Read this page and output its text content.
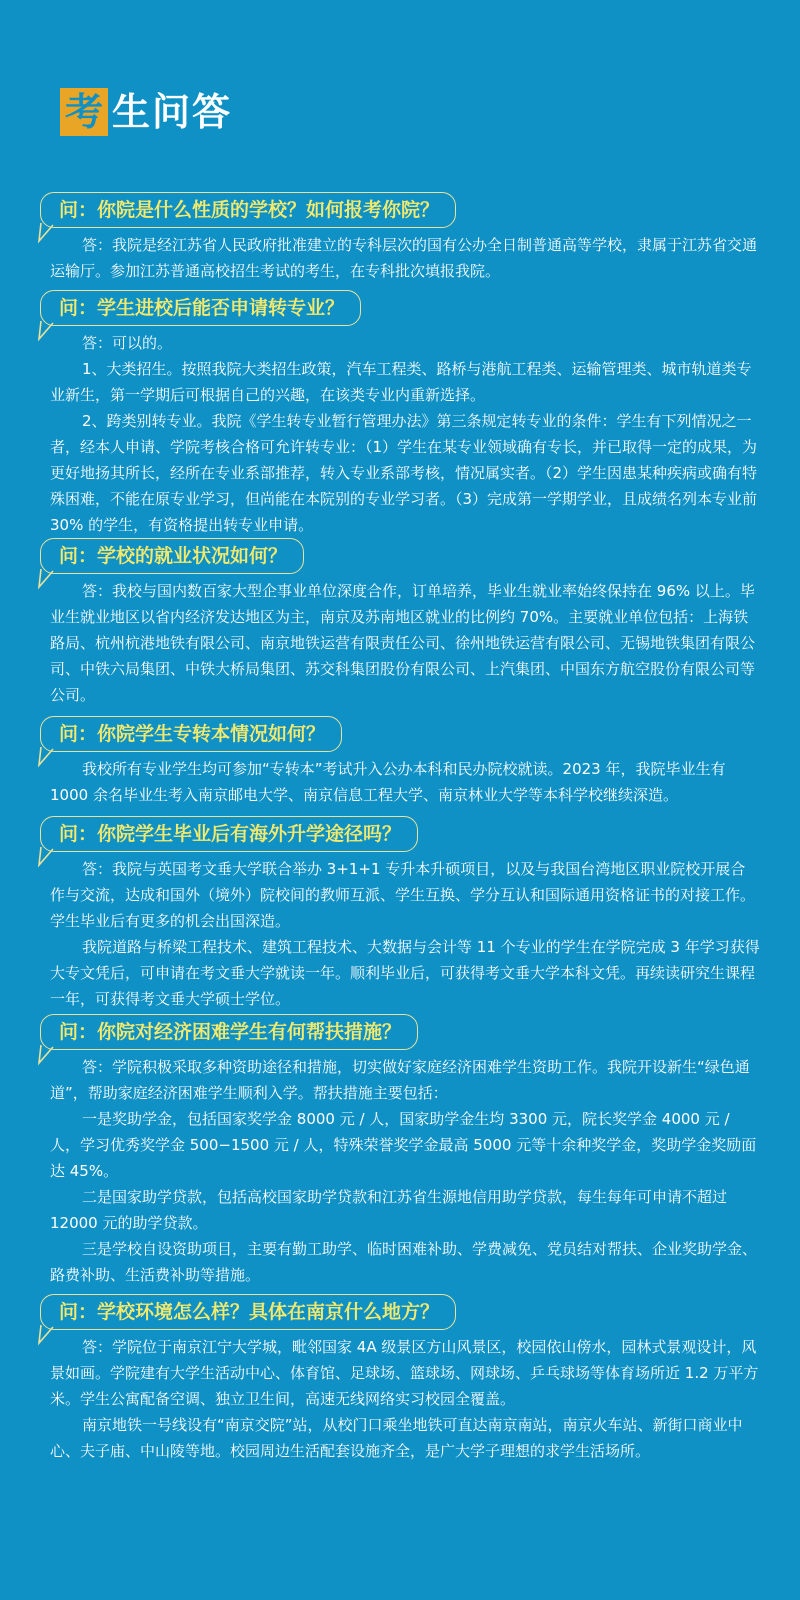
考 生问答
问：你院是什么性质的学校？如何报考你院？

答：我院是经江苏省人民政府批准建立的专科层次的国有公办全日制普通高等学校，隶属于江苏省交通运输厅。参加江苏普通高校招生考试的考生，在专科批次填报我院。

问：学生进校后能否申请转专业？

答：可以的。

1、大类招生。按照我院大类招生政策，汽车工程类、路桥与港航工程类、运输管理类、城市轨道类专业新生，第一学期后可根据自己的兴趣，在该类专业内重新选择。

2、跨类别转专业。我院《学生转专业暂行管理办法》第三条规定转专业的条件：学生有下列情况之一者，经本人申请、学院考核合格可允许转专业：（1）学生在某专业领域确有专长，并已取得一定的成果，为更好地扬其所长，经所在专业系部推荐，转入专业系部考核，情况属实者。（2）学生因患某种疾病或确有特殊困难，不能在原专业学习，但尚能在本院别的专业学习者。（3）完成第一学期学业，且成绩名列本专业前 30% 的学生，有资格提出转专业申请。

问：学校的就业状况如何？

答：我校与国内数百家大型企事业单位深度合作，订单培养，毕业生就业率始终保持在 96% 以上。毕业生就业地区以省内经济发达地区为主，南京及苏南地区就业的比例约 70%。主要就业单位包括：上海铁路局、杭州杭港地铁有限公司、南京地铁运营有限责任公司、徐州地铁运营有限公司、无锡地铁集团有限公司、中铁六局集团、中铁大桥局集团、苏交科集团股份有限公司、上汽集团、中国东方航空股份有限公司等公司。

问：你院学生专转本情况如何？

我校所有专业学生均可参加“专转本”考试升入公办本科和民办院校就读。2023 年，我院毕业生有 1000 余名毕业生考入南京邮电大学、南京信息工程大学、南京林业大学等本科学校继续深造。

问：你院学生毕业后有海外升学途径吗？

答：我院与英国考文垂大学联合举办 3+1+1 专升本升硕项目，以及与我国台湾地区职业院校开展合作与交流，达成和国外（境外）院校间的教师互派、学生互换、学分互认和国际通用资格证书的对接工作。学生毕业后有更多的机会出国深造。

我院道路与桥梁工程技术、建筑工程技术、大数据与会计等 11 个专业的学生在学院完成 3 年学习获得大专文凭后，可申请在考文垂大学就读一年。顺利毕业后，可获得考文垂大学本科文凭。再续读研究生课程一年，可获得考文垂大学硕士学位。

问：你院对经济困难学生有何帮扶措施？

答：学院积极采取多种资助途径和措施，切实做好家庭经济困难学生资助工作。我院开设新生“绿色通道”，帮助家庭经济困难学生顺利入学。帮扶措施主要包括：

一是奖助学金，包括国家奖学金 8000 元 / 人，国家助学金生均 3300 元，院长奖学金 4000 元 / 人，学习优秀奖学金 500−1500 元 / 人，特殊荣誉奖学金最高 5000 元等十余种奖学金，奖助学金奖励面达 45%。

二是国家助学贷款，包括高校国家助学贷款和江苏省生源地信用助学贷款，每生每年可申请不超过 12000 元的助学贷款。

三是学校自设资助项目，主要有勤工助学、临时困难补助、学费减免、党员结对帮扶、企业奖助学金、路费补助、生活费补助等措施。

问：学校环境怎么样？具体在南京什么地方？

答：学院位于南京江宁大学城，毗邻国家 4A 级景区方山风景区，校园依山傍水，园林式景观设计，风景如画。学院建有大学生活动中心、体育馆、足球场、篮球场、网球场、乒乓球场等体育场所近 1.2 万平方米。学生公寓配备空调、独立卫生间，高速无线网络实习校园全覆盖。

南京地铁一号线设有“南京交院”站，从校门口乘坐地铁可直达南京南站，南京火车站、新街口商业中心、夫子庙、中山陵等地。校园周边生活配套设施齐全，是广大学子理想的求学生活场所。
